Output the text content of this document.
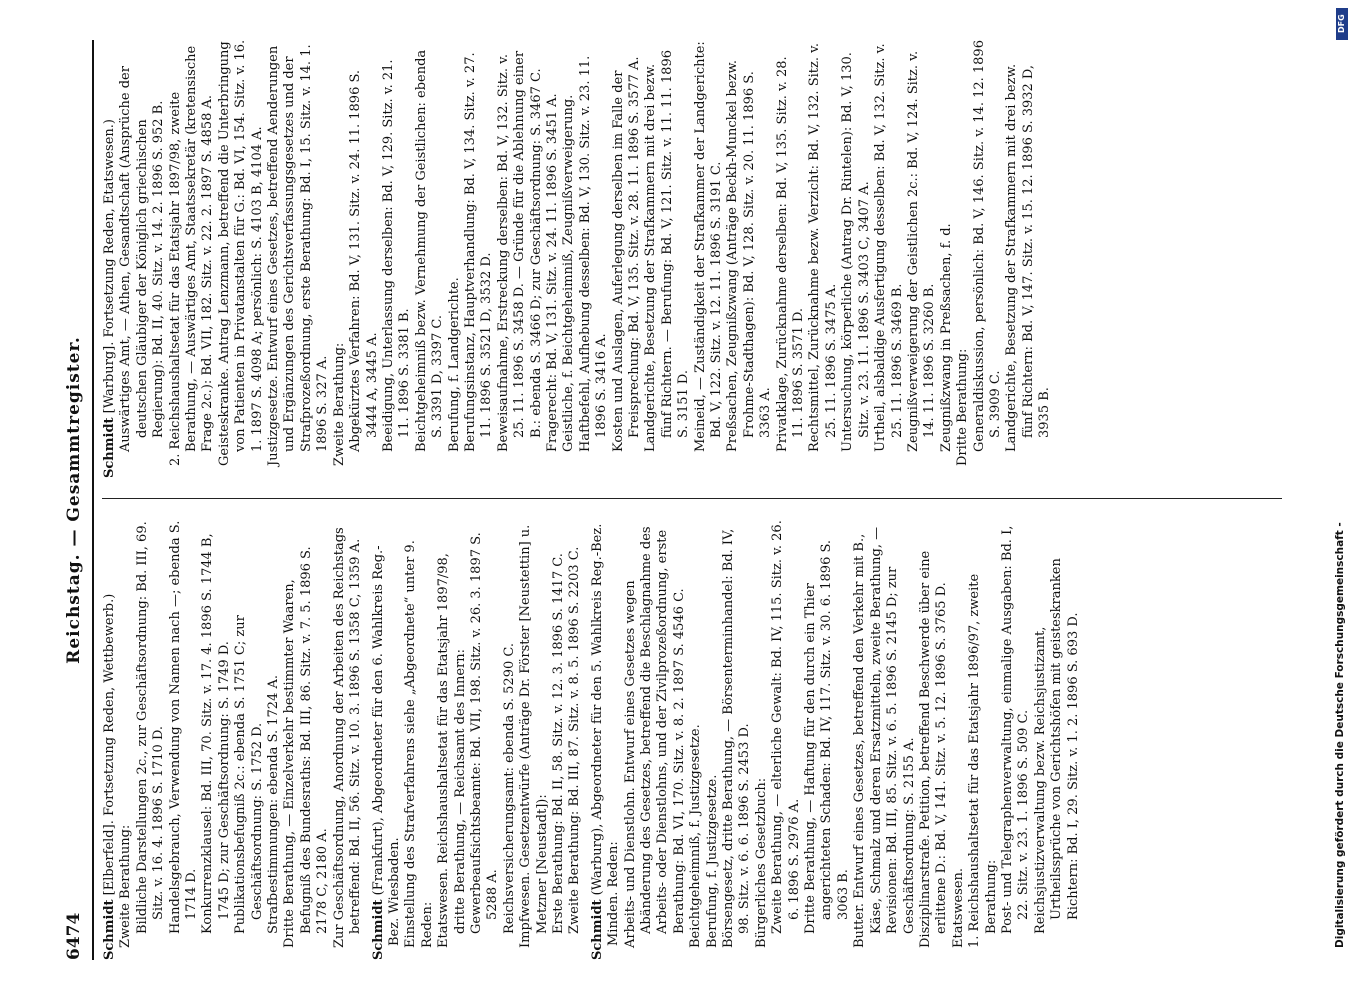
6474
Reichstag. — Gesammtregister.

Schmidt [Elberfeld]. Fortsetzung Reden, Wettbewerb.) Zweite Berathung: Bildliche Darstellungen 2c., zur Geschäftsordnung: Bd. III, 69. Sitz. v. 16. 4. 1896 S. 1710 D. Handelsgebrauch, Verwendung von Namen nach —; ebenda S. 1714 D. Konkurrenzklausel: Bd. III, 70. Sitz. v. 17. 4. 1896 S. 1744 B, 1745 D; zur Geschäftsordnung: S. 1749 D. Publikationsbefugniß 2c.: ebenda S. 1751 C; zur Geschäftsordnung: S. 1752 D. Strafbestimmungen: ebenda S. 1724 A. Dritte Berathung, — Einzelverkehr bestimmter Waaren, Befugniß des Bundesraths: Bd. III, 86. Sitz. v. 7. 5. 1896 S. 2178 C, 2180 A. Zur Geschäftsordnung, Anordnung der Arbeiten des Reichstags betreffend: Bd. II, 56. Sitz. v. 10. 3. 1896 S. 1358 C, 1359 A. Schmidt (Frankfurt), Abgeordneter für den 6. Wahlkreis Reg.-Bez. Wiesbaden. Einstellung des Strafverfahrens siehe „Abgeordnete“ unter 9. Reden: Etatswesen. Reichshaushaltsetat für das Etatsjahr 1897/98, dritte Berathung, — Reichsamt des Innern: Gewerbeaufsichtsbeamte: Bd. VII, 198. Sitz. v. 26. 3. 1897 S. 5288 A. Reichsversicherungsamt: ebenda S. 5290 C. Impfwesen. Gesetzentwürfe (Anträge Dr. Förster [Neustettin] u. Metzner [Neustadt]): Erste Berathung: Bd. II, 58. Sitz. v. 12. 3. 1896 S. 1417 C. Zweite Berathung: Bd. III, 87. Sitz. v. 8. 5. 1896 S. 2203 C. Schmidt (Warburg), Abgeordneter für den 5. Wahlkreis Reg.-Bez. Minden. Reden: Arbeits- und Dienstlohn. Entwurf eines Gesetzes wegen Abänderung des Gesetzes, betreffend die Beschlagnahme des Arbeits- oder Dienstlohns, und der Zivilprozeßordnung, erste Berathung: Bd. VI, 170. Sitz. v. 8. 2. 1897 S. 4546 C. Beichtgeheimniß, f. Justizgesetze. Berufung, f. Justizgesetze. Börsengesetz, dritte Berathung, — Börsenterminhandel: Bd. IV, 98. Sitz. v. 6. 6. 1896 S. 2453 D. Bürgerliches Gesetzbuch: Zweite Berathung, — elterliche Gewalt: Bd. IV, 115. Sitz. v. 26. 6. 1896 S. 2976 A. Dritte Berathung, — Haftung für den durch ein Thier angerichteten Schaden: Bd. IV, 117. Sitz. v. 30. 6. 1896 S. 3063 B. Butter. Entwurf eines Gesetzes, betreffend den Verkehr mit B., Käse, Schmalz und deren Ersatzmitteln, zweite Berathung, — Revisionen: Bd. III, 85. Sitz. v. 6. 5. 1896 S. 2145 D; zur Geschäftsordnung: S. 2155 A. Disziplinarstrafe. Petition, betreffend Beschwerde über eine erlittene D.: Bd. V, 141. Sitz. v. 5. 12. 1896 S. 3765 D. Etatswesen. 1. Reichshaushaltsetat für das Etatsjahr 1896/97, zweite Berathung: Post- und Telegraphenverwaltung, einmalige Ausgaben: Bd. I, 22. Sitz. v. 23. 1. 1896 S. 509 C. Reichsjustizverwaltung bezw. Reichsjustizamt, Urtheilssprüche von Gerichtshöfen mit geisteskranken Richtern: Bd. I, 29. Sitz. v. 1. 2. 1896 S. 693 D.

Schmidt [Warburg]. Fortsetzung Reden, Etatswesen.) Auswärtiges Amt, — Athen, Gesandtschaft (Ansprüche der deutschen Gläubiger der Königlich griechischen Regierung): Bd. II, 40. Sitz. v. 14. 2. 1896 S. 952 B. 2. Reichshaushaltsetat für das Etatsjahr 1897/98, zweite Berathung, — Auswärtiges Amt, Staatssekretär (kretensische Frage 2c.): Bd. VII, 182. Sitz. v. 22. 2. 1897 S. 4858 A. Geisteskranke. Antrag Lenzmann, betreffend die Unterbringung von Patienten in Privatanstalten für G.: Bd. VI, 154. Sitz. v. 16. 1. 1897 S. 4098 A; persönlich: S. 4103 B, 4104 A. Justizgesetze. Entwurf eines Gesetzes, betreffend Aenderungen und Ergänzungen des Gerichtsverfassungsgesetzes und der Strafprozeßordnung, erste Berathung: Bd. I, 15. Sitz. v. 14. 1. 1896 S. 327 A. Zweite Berathung: Abgekürztes Verfahren: Bd. V, 131. Sitz. v. 24. 11. 1896 S. 3444 A, 3445 A. Beeidigung, Unterlassung derselben: Bd. V, 129. Sitz. v. 21. 11. 1896 S. 3381 B. Beichtgeheimniß bezw. Vernehmung der Geistlichen: ebenda S. 3391 D, 3397 C. Berufung, f. Landgerichte. Berufungsinstanz, Hauptverhandlung: Bd. V, 134. Sitz. v. 27. 11. 1896 S. 3521 D, 3532 D. Beweisaufnahme, Erstreckung derselben: Bd. V, 132. Sitz. v. 25. 11. 1896 S. 3458 D. — Gründe für die Ablehnung einer B.: ebenda S. 3466 D; zur Geschäftsordnung: S. 3467 C. Fragerecht: Bd. V, 131. Sitz. v. 24. 11. 1896 S. 3451 A. Geistliche, f. Beichtgeheimniß, Zeugnißverweigerung. Haftbefehl, Aufhebung desselben: Bd. V, 130. Sitz. v. 23. 11. 1896 S. 3416 A. Kosten und Auslagen, Auferlegung derselben im Falle der Freisprechung: Bd. V, 135. Sitz. v. 28. 11. 1896 S. 3577 A. Landgerichte, Besetzung der Strafkammern mit drei bezw. fünf Richtern. — Berufung: Bd. V, 121. Sitz. v. 11. 11. 1896 S. 3151 D. Meineid, — Zuständigkeit der Strafkammer der Landgerichte: Bd. V, 122. Sitz. v. 12. 11. 1896 S. 3191 C. Preßsachen, Zeugnißzwang (Anträge Beckh-Munckel bezw. Frohme-Stadthagen): Bd. V, 128. Sitz. v. 20. 11. 1896 S. 3363 A. Privatklage, Zurücknahme derselben: Bd. V, 135. Sitz. v. 28. 11. 1896 S. 3571 D. Rechtsmittel, Zurücknahme bezw. Verzicht: Bd. V, 132. Sitz. v. 25. 11. 1896 S. 3475 A. Untersuchung, körperliche (Antrag Dr. Rintelen): Bd. V, 130. Sitz. v. 23. 11. 1896 S. 3403 C, 3407 A. Urtheil, alsbaldige Ausfertigung desselben: Bd. V, 132. Sitz. v. 25. 11. 1896 S. 3469 B. Zeugnißverweigerung der Geistlichen 2c.: Bd. V, 124. Sitz. v. 14. 11. 1896 S. 3260 B. Zeugnißzwang in Preßsachen, f. d. Dritte Berathung: Generaldiskussion, persönlich: Bd. V, 146. Sitz. v. 14. 12. 1896 S. 3909 C. Landgerichte, Besetzung der Strafkammern mit drei bezw. fünf Richtern: Bd. V, 147. Sitz. v. 15. 12. 1896 S. 3932 D, 3935 B.

DFG
Digitalisierung gefördert durch die Deutsche Forschungsgemeinschaft -
